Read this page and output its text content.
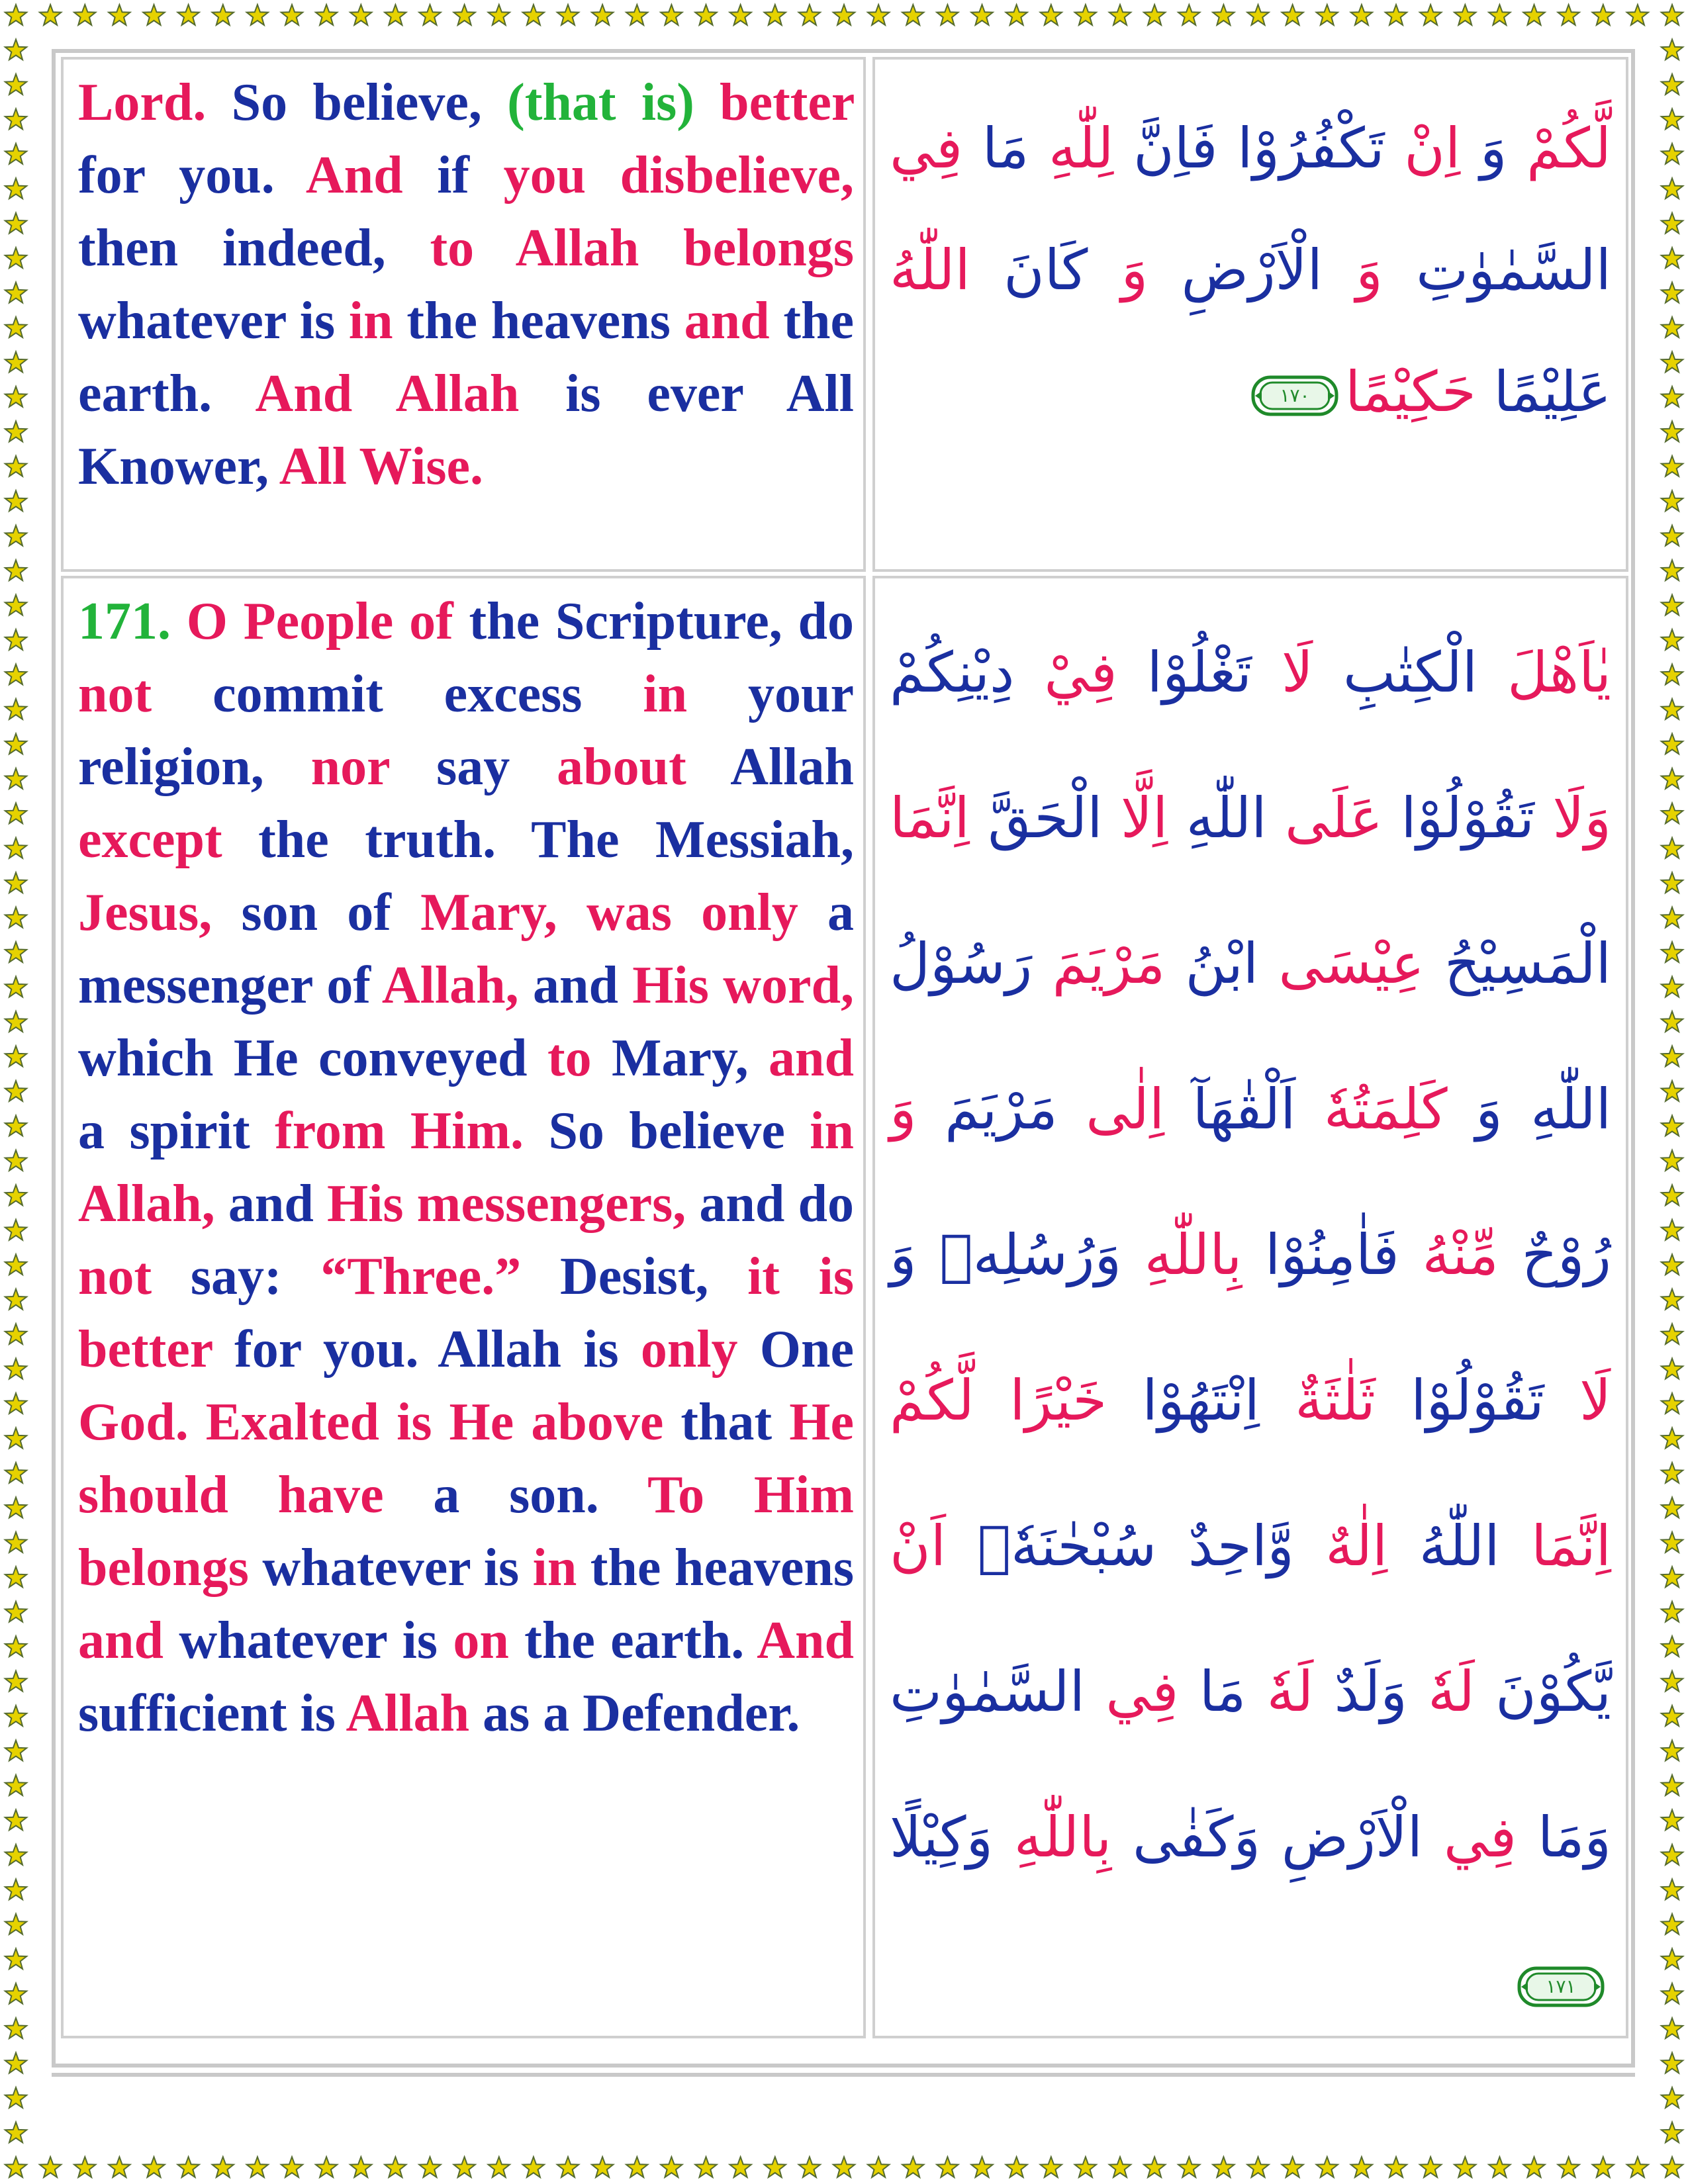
Lord. So believe, (that is) better for you. And if you disbelieve, then indeed, to Allah belongs whatever is in the heavens and the earth. And Allah is ever All Knower, All Wise.

لَّكُمْ وَ اِنْ تَكْفُرُوْا فَاِنَّ لِلّٰهِ مَا فِي السَّمٰوٰتِ وَ الْاَرْضِ وَ كَانَ اللّٰهُ عَلِيْمًا حَكِيْمًا
١٧٠

171. O People of the Scripture, do not commit excess in your religion, nor say about Allah except the truth. The Messiah, Jesus, son of Mary, was only a messenger of Allah, and His word, which He conveyed to Mary, and a spirit from Him. So believe in Allah, and His messengers, and do not say: “Three.” Desist, it is better for you. Allah is only One God. Exalted is He above that He should have a son. To Him belongs whatever is in the heavens and whatever is on the earth. And sufficient is Allah as a Defender.

يٰاَهْلَ الْكِتٰبِ لَا تَغْلُوْا فِيْ دِيْنِكُمْ وَلَا تَقُوْلُوْا عَلَى اللّٰهِ اِلَّا الْحَقَّ اِنَّمَا الْمَسِيْحُ عِيْسَى ابْنُ مَرْيَمَ رَسُوْلُ اللّٰهِ وَ كَلِمَتُهٗ اَلْقٰهَآ اِلٰى مَرْيَمَ وَ رُوْحٌ مِّنْهُ فَاٰمِنُوْا بِاللّٰهِ وَرُسُلِهٖ وَ لَا تَقُوْلُوْا ثَلٰثَةٌ اِنْتَهُوْا خَيْرًا لَّكُمْ اِنَّمَا اللّٰهُ اِلٰهٌ وَّاحِدٌ سُبْحٰنَهٗۤ اَنْ يَّكُوْنَ لَهٗ وَلَدٌ لَهٗ مَا فِي السَّمٰوٰتِ وَمَا فِي الْاَرْضِ وَكَفٰى بِاللّٰهِ وَكِيْلًا
١٧١
